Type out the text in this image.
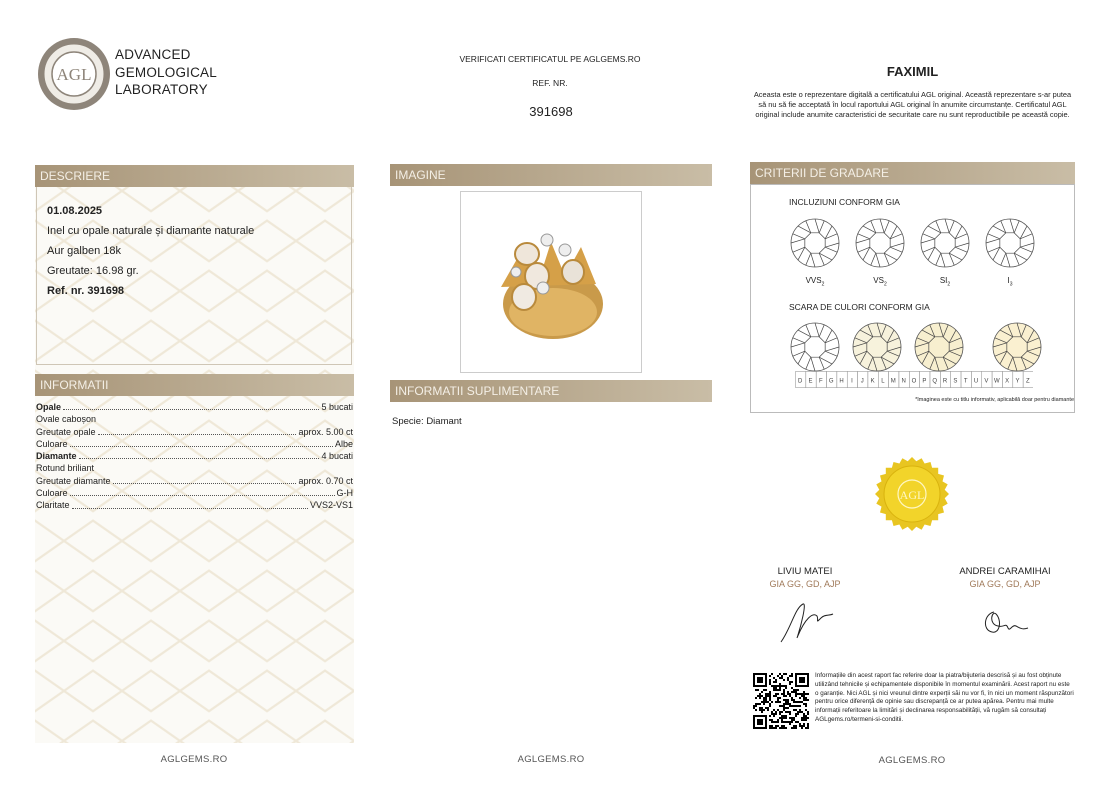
AGL
ADVANCED
GEMOLOGICAL
LABORATORY
VERIFICATI CERTIFICATUL PE AGLGEMS.RO
REF. NR.
391698
FAXIMIL
Aceasta este o reprezentare digitală a certificatului AGL original. Această reprezentare s-ar putea să nu să fie acceptată în locul raportului AGL original în anumite circumstanțe. Certificatul AGL original include anumite caracteristici de securitate care nu sunt reproductibile pe această copie.
DESCRIERE

01.08.2025

Inel cu opale naturale și diamante naturale

Aur galben 18k

Greutate: 16.98 gr.

Ref. nr. 391698

INFORMATII
Opale	5 bucati
Ovale caboșon
Greutate opale	aprox. 5.00 ct
Culoare	Albe
Diamante	4 bucati
Rotund briliant
Greutate diamante	aprox. 0.70 ct
Culoare	G-H
Claritate	VVS2-VS1
IMAGINE
INFORMATII SUPLIMENTARE
Specie: Diamant
CRITERII DE GRADARE
INCLUZIUNI CONFORM GIA
$VVS_2$	$VS_2$	$SI_2$	$I_3$
SCARA DE CULORI CONFORM GIA
D E F G H I J K L M N O P Q R S T U V W X Y Z
*Imaginea este cu titlu informativ, aplicabilă doar pentru diamante
AGL
LIVIU MATEI
GIA GG, GD, AJP
ANDREI CARAMIHAI
GIA GG, GD, AJP
Informațiile din acest raport fac referire doar la piatra/bijuteria descrisă și au fost obținute utilizând tehnicile și echipamentele disponibile în momentul examinării. Acest raport nu este o garanție. Nici AGL și nici vreunul dintre experții săi nu vor fi, în nici un moment răspunzători pentru orice diferență de opinie sau discrepanță ce ar putea apărea. Pentru mai multe informații referitoare la limitări și declinarea responsabilității, vă rugăm să consultați AGLgems.ro/termeni-si-conditii.
AGLGEMS.RO	AGLGEMS.RO	AGLGEMS.RO
